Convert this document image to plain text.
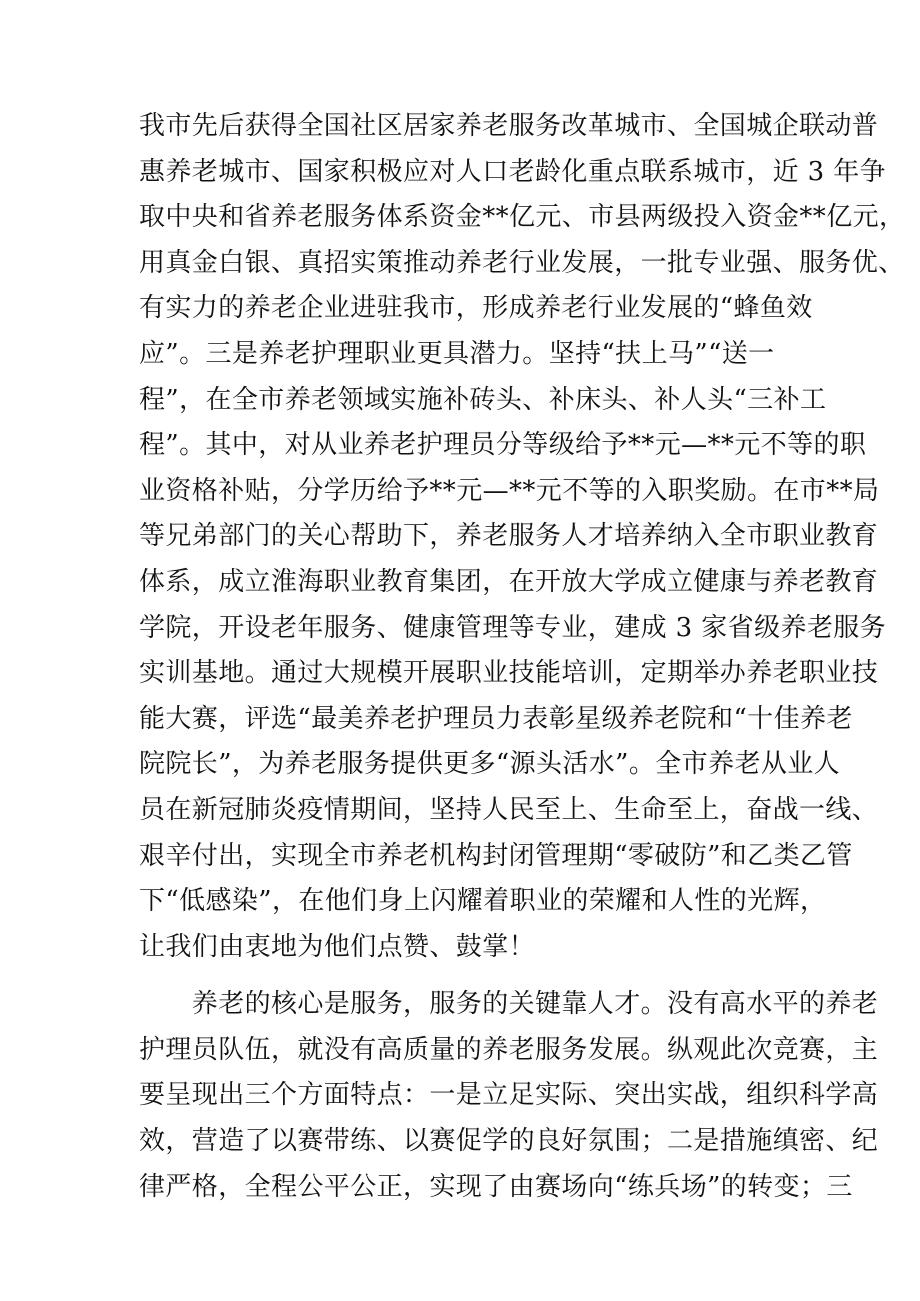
我市先后获得全国社区居家养老服务改革城市、全国城企联动普
惠养老城市、国家积极应对人口老龄化重点联系城市，近 3 年争
取中央和省养老服务体系资金**亿元、市县两级投入资金**亿元，
用真金白银、真招实策推动养老行业发展，一批专业强、服务优、
有实力的养老企业进驻我市，形成养老行业发展的“蜂鱼效
应”。三是养老护理职业更具潜力。坚持“扶上马”“送一
程”，在全市养老领域实施补砖头、补床头、补人头“三补工
程”。其中，对从业养老护理员分等级给予**元—**元不等的职
业资格补贴，分学历给予**元—**元不等的入职奖励。在市**局
等兄弟部门的关心帮助下，养老服务人才培养纳入全市职业教育
体系，成立淮海职业教育集团，在开放大学成立健康与养老教育
学院，开设老年服务、健康管理等专业，建成 3 家省级养老服务
实训基地。通过大规模开展职业技能培训，定期举办养老职业技
能大赛，评选“最美养老护理员力表彰星级养老院和“十佳养老
院院长”，为养老服务提供更多“源头活水”。全市养老从业人
员在新冠肺炎疫情期间，坚持人民至上、生命至上，奋战一线、
艰辛付出，实现全市养老机构封闭管理期“零破防”和乙类乙管
下“低感染”，在他们身上闪耀着职业的荣耀和人性的光辉，
让我们由衷地为他们点赞、鼓掌！
　　养老的核心是服务，服务的关键靠人才。没有高水平的养老
护理员队伍，就没有高质量的养老服务发展。纵观此次竞赛，主
要呈现出三个方面特点：一是立足实际、突出实战，组织科学高
效，营造了以赛带练、以赛促学的良好氛围；二是措施缜密、纪
律严格，全程公平公正，实现了由赛场向“练兵场”的转变；三
